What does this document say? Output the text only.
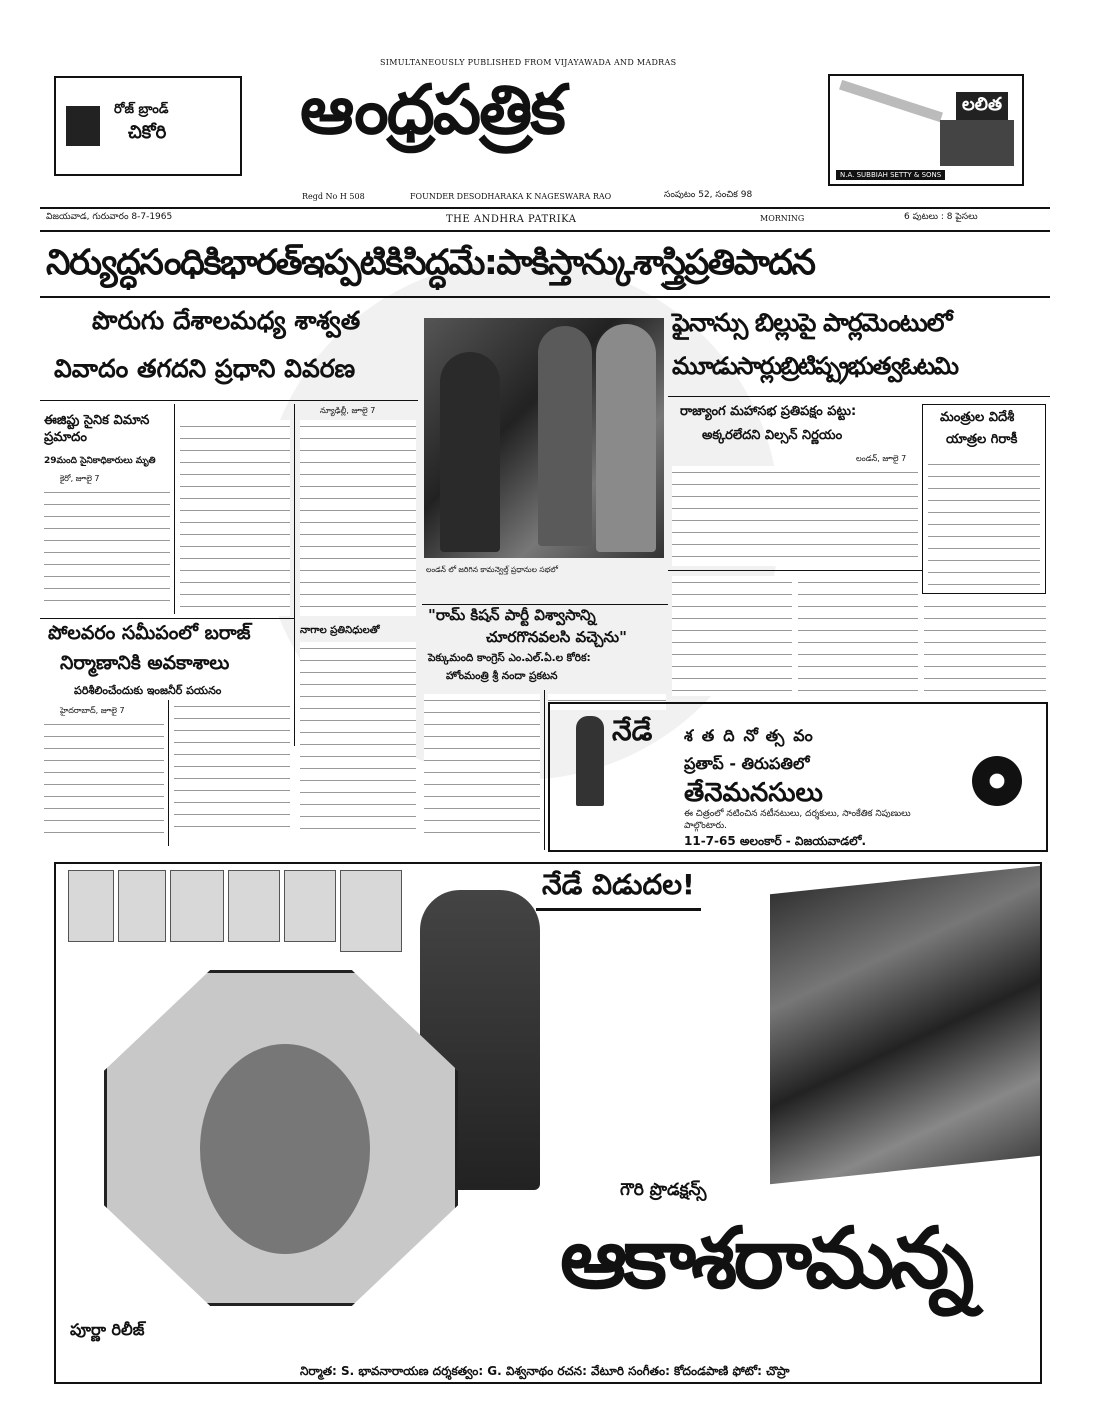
SIMULTANEOUSLY PUBLISHED FROM VIJAYAWADA AND MADRAS
రోజ్ బ్రాండ్
చికోరి ఆంధ్రపత్రిక	లలిత
N.A. SUBBIAH SETTY & SONS
Regd No H 508	FOUNDER DESODHARAKA K NAGESWARA RAO	సంపుటం 52, సంచిక 98
విజయవాడ, గురువారం 8-7-1965	THE ANDHRA PATRIKA	MORNING	6 పుటలు : 8 పైసలు
నిర్యుద్ధసంధికిభారత్ఇప్పటికిసిద్ధమే:పాకిస్తాన్కుశాస్త్రిప్రతిపాదన
పొరుగు దేశాలమధ్య శాశ్వత
వివాదం తగదని ప్రధాని వివరణ
ఈజిప్టు సైనిక విమాన ప్రమాదం
29మంది సైనికాధికారులు మృతి
కైరో, జూలై 7
న్యూఢిల్లీ, జూలై 7
పోలవరం సమీపంలో బరాజ్
నిర్మాణానికి అవకాశాలు
పరిశీలించేందుకు ఇంజనీర్ పయనం
హైదరాబాద్, జూలై 7
నాగాల ప్రతినిధులతో
లండన్ లో జరిగిన కామన్వెల్త్ ప్రధానుల సభలో
"రామ్ కిషన్ పార్టీ విశ్వాసాన్ని
చూరగొనవలసి వచ్చెను"
పెక్కుమంది కాంగ్రెస్ ఎం.ఎల్.ఏ.ల కోరిక:
హోంమంత్రి శ్రీ నందా ప్రకటన
ఫైనాన్సు బిల్లుపై పార్లమెంటులో
మూడుసార్లుబ్రిటిష్ప్రభుత్వఓటమి
రాజ్యాంగ మహాసభ ప్రతిపక్షం పట్టు:
అక్కరలేదని విల్సన్ నిర్ణయం
లండన్, జూలై 7
మంత్రుల విదేశీ
యాత్రల గిరాకీ
నేడే శతదినోత్సవం
ప్రతాప్ - తిరుపతిలో
తేనెమనసులు
ఈ చిత్రంలో నటించిన నటీనటులు, దర్శకులు, సాంకేతిక నిపుణులు పాల్గొంటారు.
11-7-65 అలంకార్ - విజయవాడలో.
నేడే విడుదల!
గౌరి ప్రొడక్షన్స్
ఆకాశరామన్న
పూర్ణా రిలీజ్
నిర్మాత: S. భావనారాయణ దర్శకత్వం: G. విశ్వనాథం రచన: వేటూరి సంగీతం: కోదండపాణి ఫోటో: చొప్రా
